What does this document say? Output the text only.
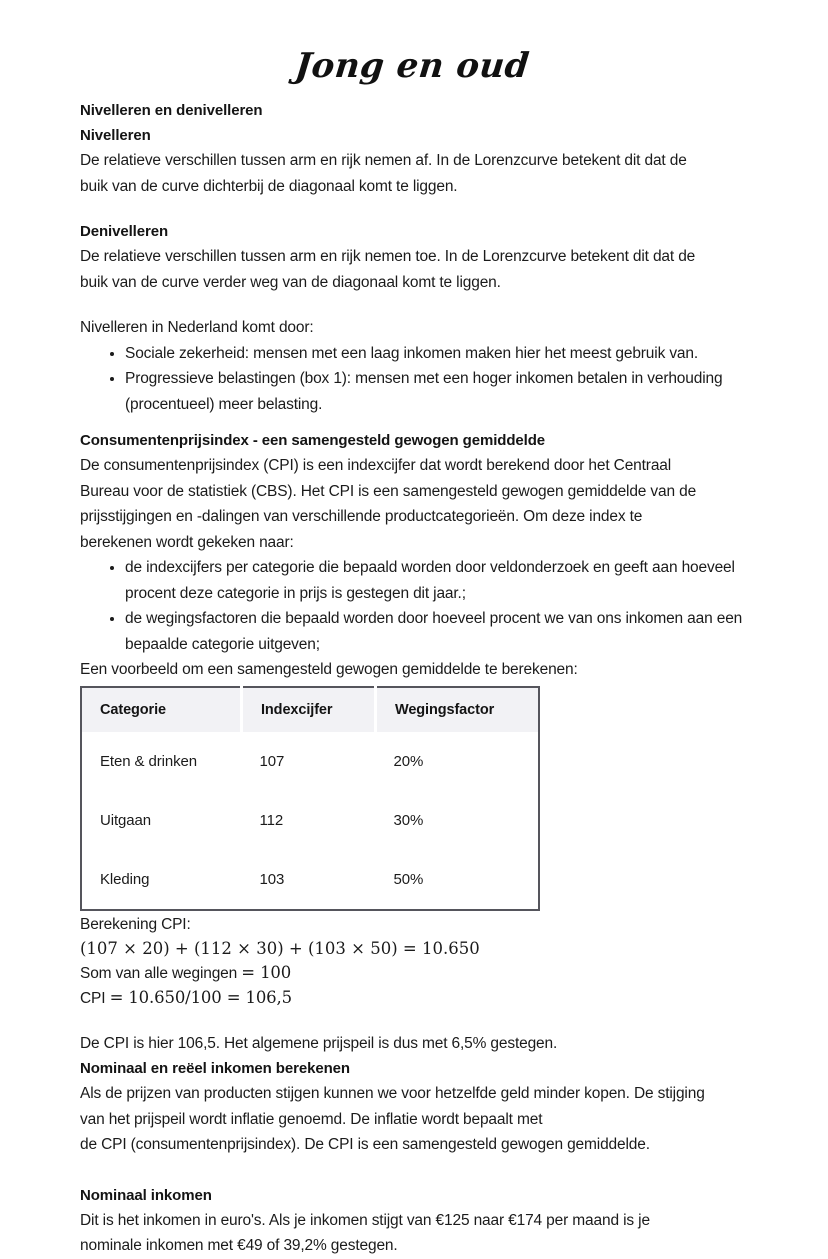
Jong en oud
Nivelleren en denivelleren
Nivelleren

De relatieve verschillen tussen arm en rijk nemen af. In de Lorenzcurve betekent dit dat de

buik van de curve dichterbij de diagonaal komt te liggen.

Denivelleren

De relatieve verschillen tussen arm en rijk nemen toe. In de Lorenzcurve betekent dit dat de

buik van de curve verder weg van de diagonaal komt te liggen.

Nivelleren in Nederland komt door:

Sociale zekerheid: mensen met een laag inkomen maken hier het meest gebruik van.
Progressieve belastingen (box 1): mensen met een hoger inkomen betalen in verhouding (procentueel) meer belasting.
Consumentenprijsindex - een samengesteld gewogen gemiddelde

De consumentenprijsindex (CPI) is een indexcijfer dat wordt berekend door het Centraal

Bureau voor de statistiek (CBS). Het CPI is een samengesteld gewogen gemiddelde van de

prijsstijgingen en -dalingen van verschillende productcategorieën. Om deze index te

berekenen wordt gekeken naar:

de indexcijfers per categorie die bepaald worden door veldonderzoek en geeft aan hoeveel procent deze categorie in prijs is gestegen dit jaar.;
de wegingsfactoren die bepaald worden door hoeveel procent we van ons inkomen aan een bepaalde categorie uitgeven;

Een voorbeeld om een samengesteld gewogen gemiddelde te berekenen:

Categorie	Indexcijfer	Wegingsfactor
Eten & drinken	107	20%
Uitgaan	112	30%
Kleding	103	50%
Berekening CPI:
(107 × 20) + (112 × 30) + (103 × 50) = 10.650
Som van alle wegingen = 100
CPI = 10.650/100 = 106,5

De CPI is hier 106,5. Het algemene prijspeil is dus met 6,5% gestegen.

Nominaal en reëel inkomen berekenen

Als de prijzen van producten stijgen kunnen we voor hetzelfde geld minder kopen. De stijging

van het prijspeil wordt inflatie genoemd. De inflatie wordt bepaalt met

de CPI (consumentenprijsindex). De CPI is een samengesteld gewogen gemiddelde.

Nominaal inkomen

Dit is het inkomen in euro's. Als je inkomen stijgt van €125 naar €174 per maand is je

nominale inkomen met €49 of 39,2% gestegen.
